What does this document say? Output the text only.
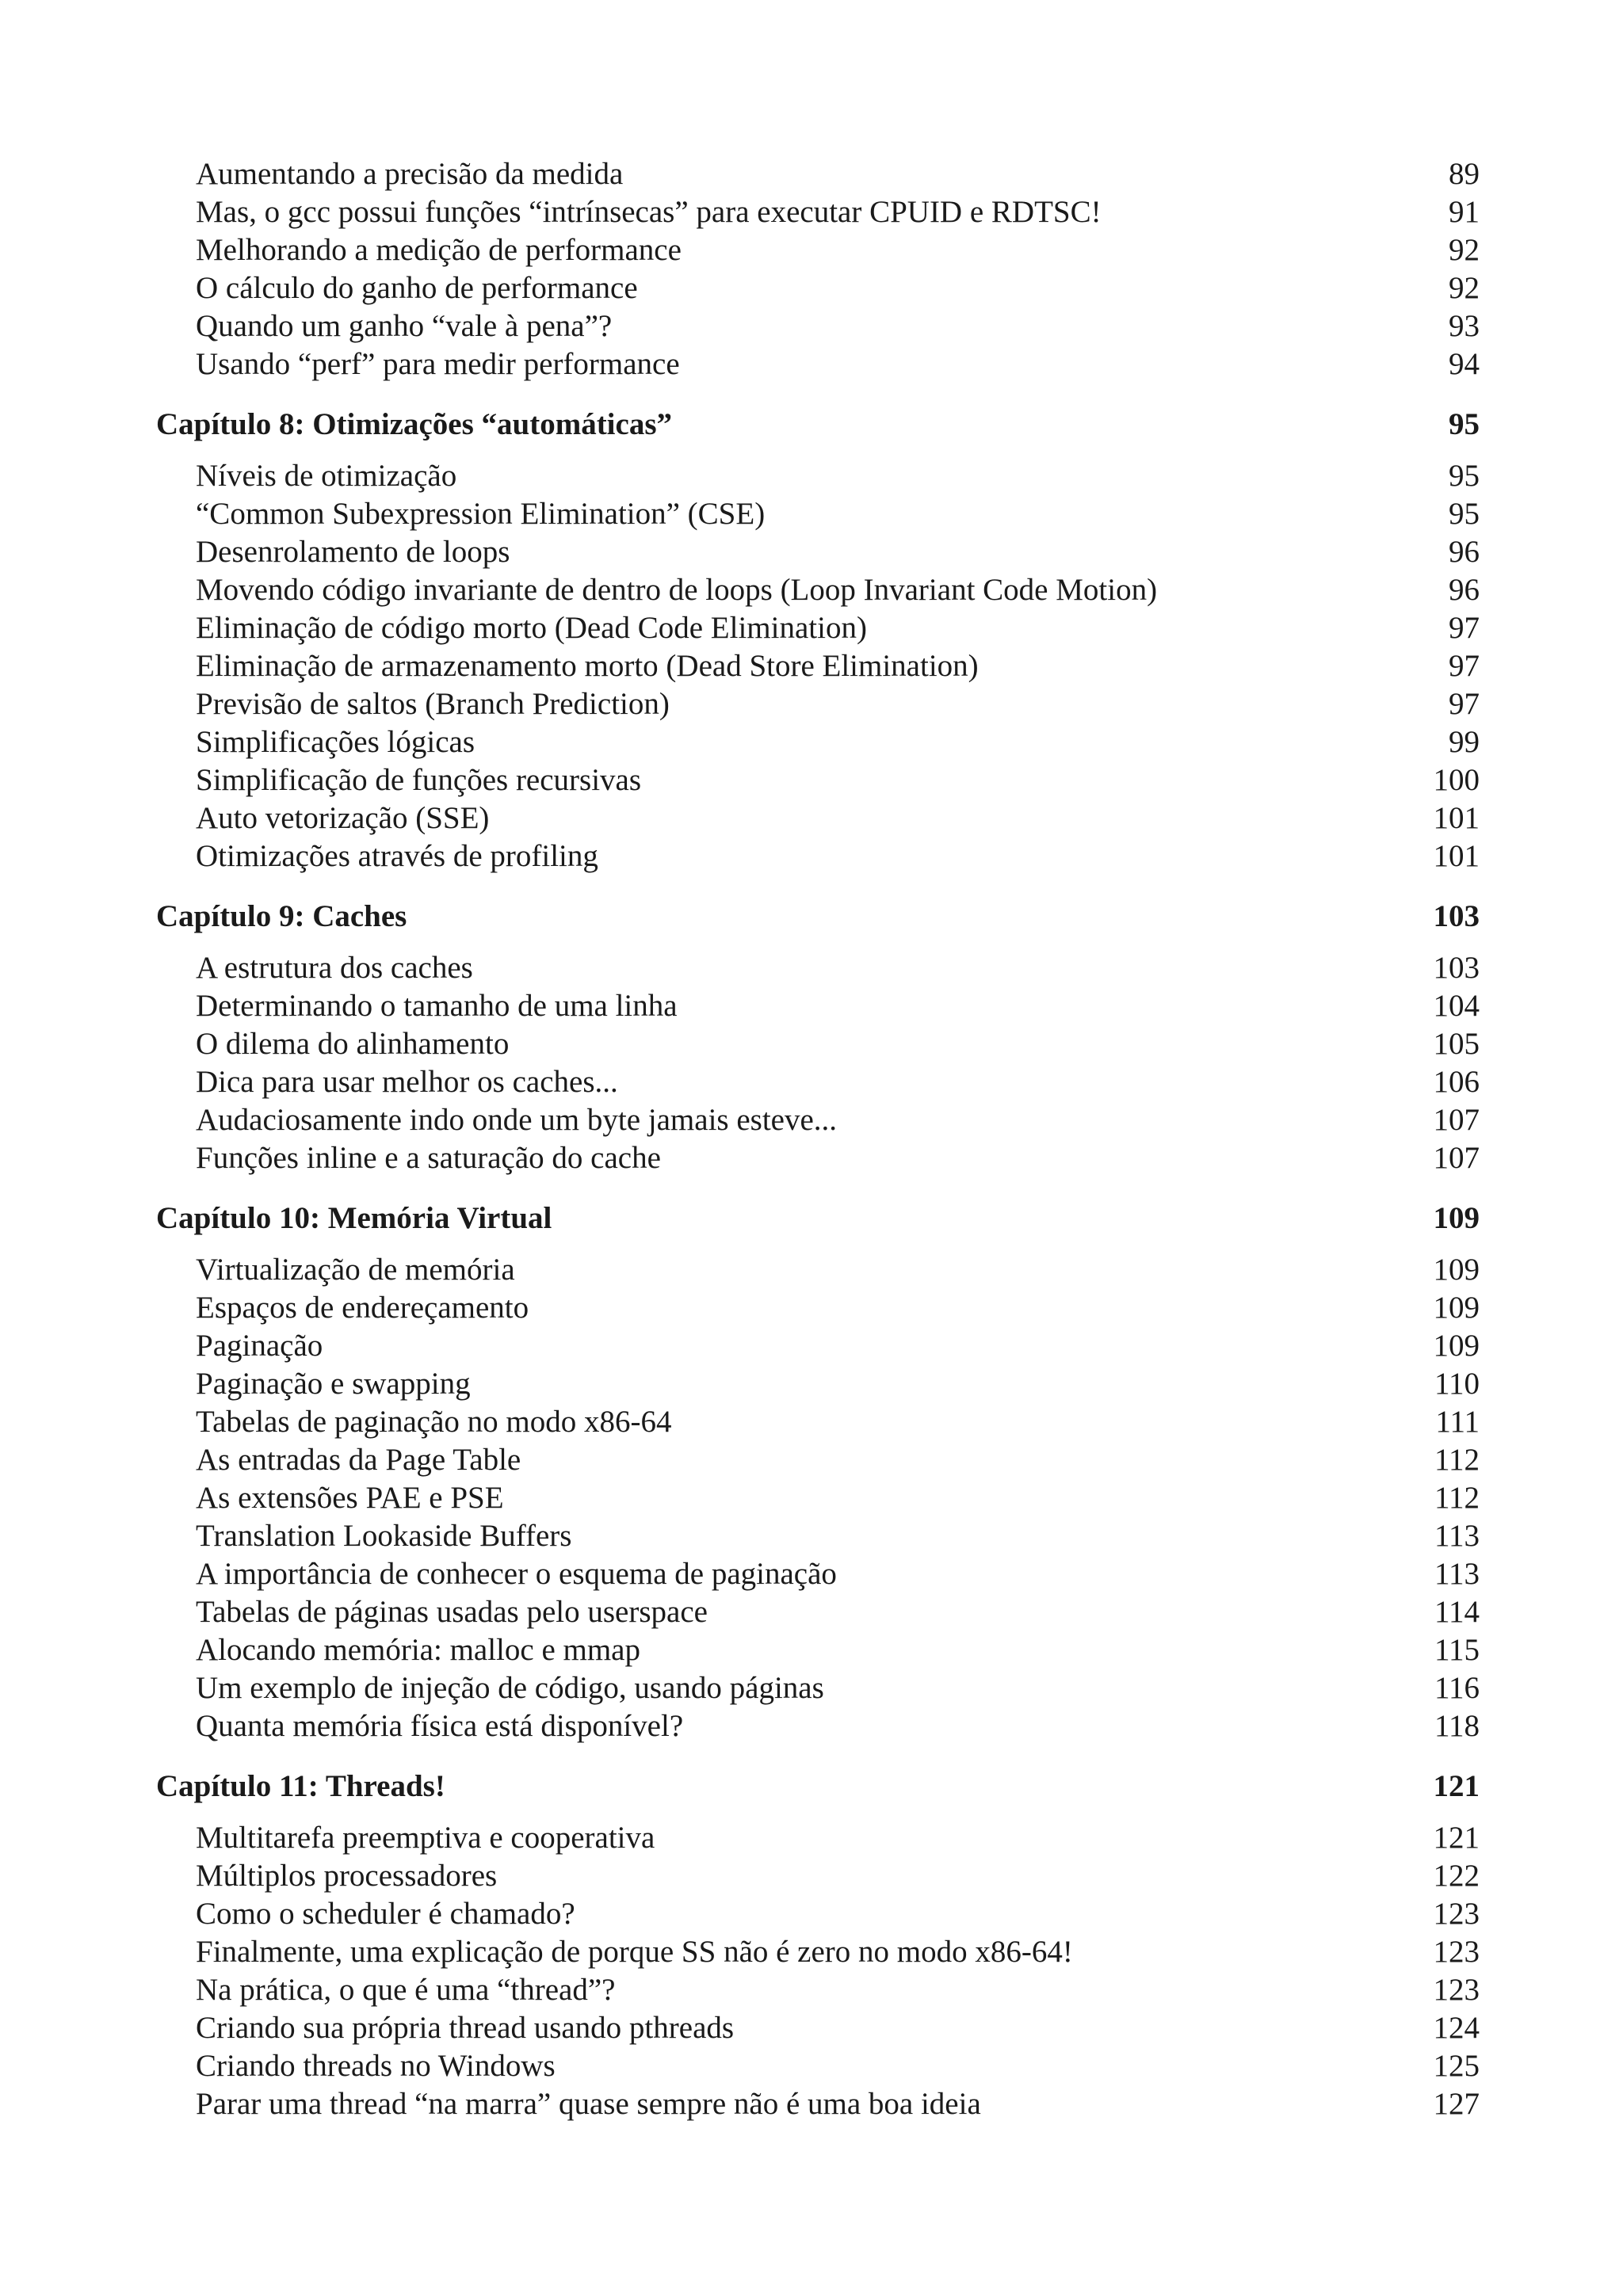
Aumentando a precisão da medida	89
Mas, o gcc possui funções “intrínsecas” para executar CPUID e RDTSC!	91
Melhorando a medição de performance	92
O cálculo do ganho de performance	92
Quando um ganho “vale à pena”?	93
Usando “perf” para medir performance	94
Capítulo 8: Otimizações “automáticas”	95
Níveis de otimização	95
“Common Subexpression Elimination” (CSE)	95
Desenrolamento de loops	96
Movendo código invariante de dentro de loops (Loop Invariant Code Motion)	96
Eliminação de código morto (Dead Code Elimination)	97
Eliminação de armazenamento morto (Dead Store Elimination)	97
Previsão de saltos (Branch Prediction)	97
Simplificações lógicas	99
Simplificação de funções recursivas	100
Auto vetorização (SSE)	101
Otimizações através de profiling	101
Capítulo 9: Caches	103
A estrutura dos caches	103
Determinando o tamanho de uma linha	104
O dilema do alinhamento	105
Dica para usar melhor os caches...	106
Audaciosamente indo onde um byte jamais esteve...	107
Funções inline e a saturação do cache	107
Capítulo 10: Memória Virtual	109
Virtualização de memória	109
Espaços de endereçamento	109
Paginação	109
Paginação e swapping	110
Tabelas de paginação no modo x86-64	111
As entradas da Page Table	112
As extensões PAE e PSE	112
Translation Lookaside Buffers	113
A importância de conhecer o esquema de paginação	113
Tabelas de páginas usadas pelo userspace	114
Alocando memória: malloc e mmap	115
Um exemplo de injeção de código, usando páginas	116
Quanta memória física está disponível?	118
Capítulo 11: Threads!	121
Multitarefa preemptiva e cooperativa	121
Múltiplos processadores	122
Como o scheduler é chamado?	123
Finalmente, uma explicação de porque SS não é zero no modo x86-64!	123
Na prática, o que é uma “thread”?	123
Criando sua própria thread usando pthreads	124
Criando threads no Windows	125
Parar uma thread “na marra” quase sempre não é uma boa ideia	127
